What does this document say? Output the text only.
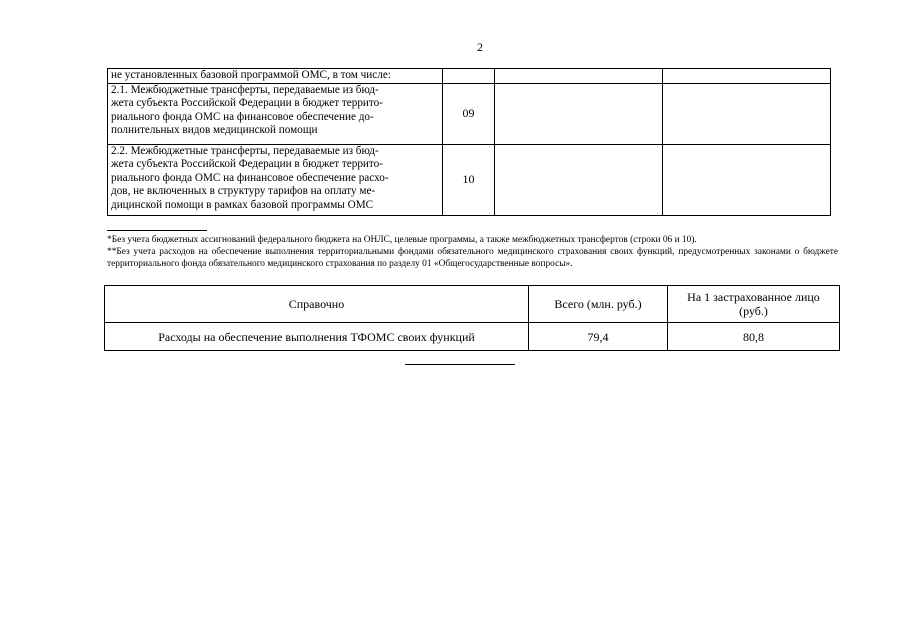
2
не установленных базовой программой ОМС, в том числе:			

2.1. Межбюджетные трансферты, передаваемые из бюд-
жета субъекта Российской Федерации в бюджет террито-
риального фонда ОМС на финансовое обеспечение до-
полнительных видов медицинской помощи	09		

2.2. Межбюджетные трансферты, передаваемые из бюд-
жета субъекта Российской Федерации в бюджет террито-
риального фонда ОМС на финансовое обеспечение расхо-
дов, не включенных в структуру тарифов на оплату ме-
дицинской помощи в рамках базовой программы ОМС	10		

*Без учета бюджетных ассигнований федерального бюджета на ОНЛС, целевые программы, а также межбюджетных трансфертов (строки 06 и 10).

**Без учета расходов на обеспечение выполнения территориальными фондами обязательного медицинского страхования своих функций, предусмотренных законами о бюджете территориального фонда обязательного медицинского страхования по разделу 01 «Общегосударственные вопросы».

Справочно	Всего (млн. руб.)	На 1 застрахованное лицо (руб.)
Расходы на обеспечение выполнения ТФОМС своих функций	79,4	80,8
